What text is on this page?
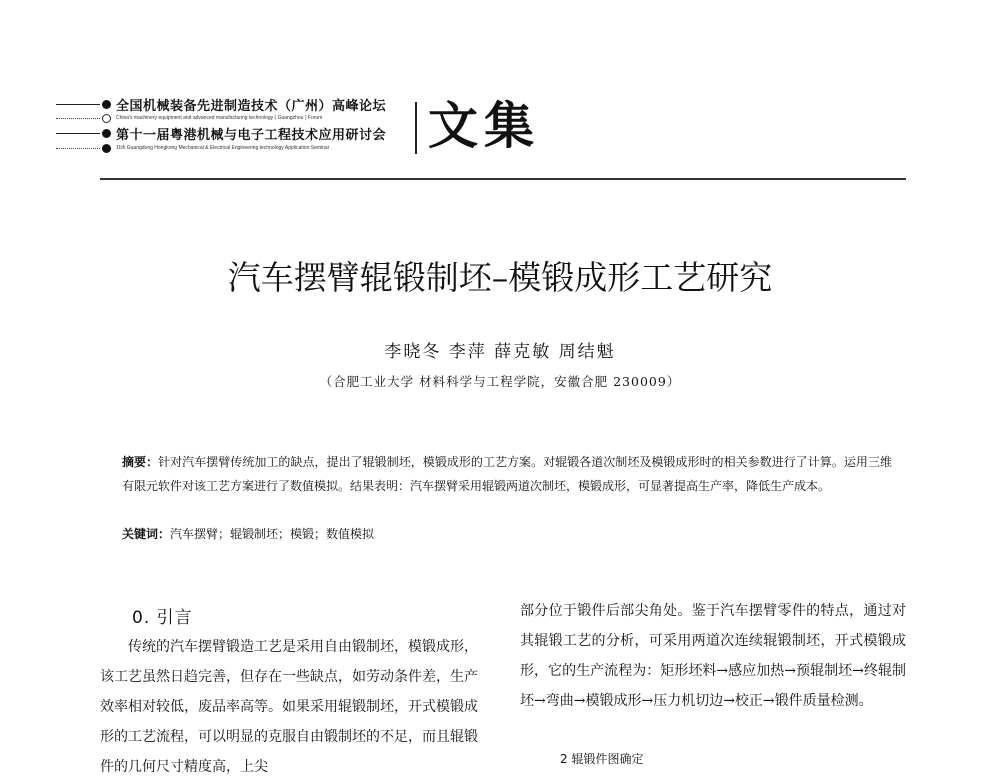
全国机械装备先进制造技术（广州）高峰论坛
China's machinery equipment and advanced manufacturing technology ( Guangzhou ) Forum
第十一届粤港机械与电子工程技术应用研讨会
11th Guangdong Hongkong Mechanical & Electrical Engineering technology Application Seminar 文集
汽车摆臂辊锻制坯–模锻成形工艺研究
李晓冬 李萍 薛克敏 周结魁
（合肥工业大学 材料科学与工程学院，安徽合肥 230009）
摘要：针对汽车摆臂传统加工的缺点，提出了辊锻制坯，模锻成形的工艺方案。对辊锻各道次制坯及模锻成形时的相关参数进行了计算。运用三维有限元软件对该工艺方案进行了数值模拟。结果表明：汽车摆臂采用辊锻两道次制坯，模锻成形，可显著提高生产率，降低生产成本。
关键词：汽车摆臂；辊锻制坯；模锻；数值模拟
0. 引言
传统的汽车摆臂锻造工艺是采用自由锻制坯，模锻成形，该工艺虽然日趋完善，但存在一些缺点，如劳动条件差，生产效率相对较低，废品率高等。如果采用辊锻制坯，开式模锻成形的工艺流程，可以明显的克服自由锻制坯的不足，而且辊锻件的几何尺寸精度高，上尖
部分位于锻件后部尖角处。鉴于汽车摆臂零件的特点，通过对其辊锻工艺的分析，可采用两道次连续辊锻制坯，开式模锻成形，它的生产流程为：矩形坯料→感应加热→预辊制坯→终辊制坯→弯曲→模锻成形→压力机切边→校正→锻件质量检测。
2 辊锻件图确定
